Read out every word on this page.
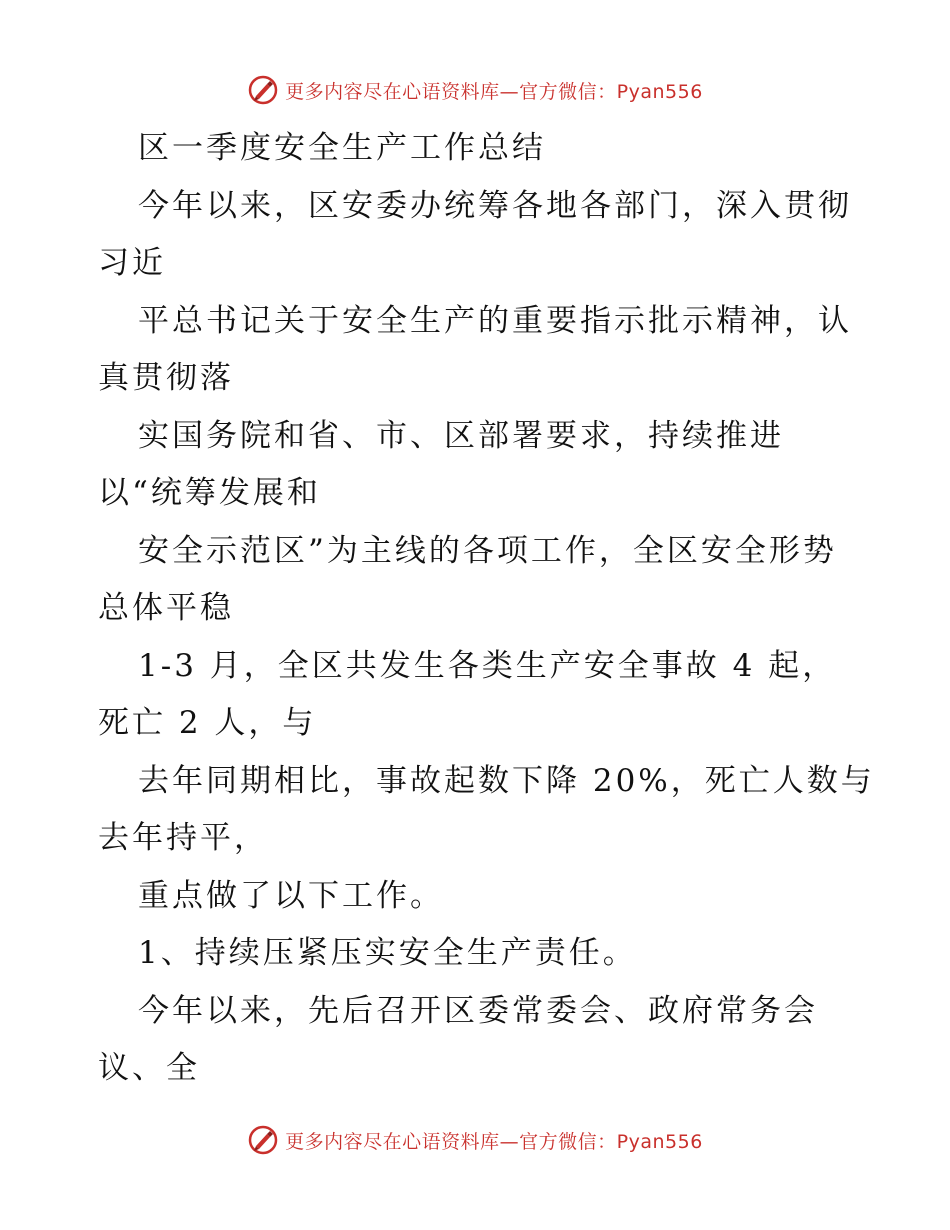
更多内容尽在心语资料库—官方微信：Pyan556
区一季度安全生产工作总结
今年以来，区安委办统筹各地各部门，深入贯彻
习近
平总书记关于安全生产的重要指示批示精神，认
真贯彻落
实国务院和省、市、区部署要求，持续推进
以“统筹发展和
安全示范区”为主线的各项工作，全区安全形势
总体平稳
1-3 月，全区共发生各类生产安全事故 4 起，
死亡 2 人，与
去年同期相比，事故起数下降 20%，死亡人数与
去年持平，
重点做了以下工作。
1、持续压紧压实安全生产责任。
今年以来，先后召开区委常委会、政府常务会
议、全
更多内容尽在心语资料库—官方微信：Pyan556
